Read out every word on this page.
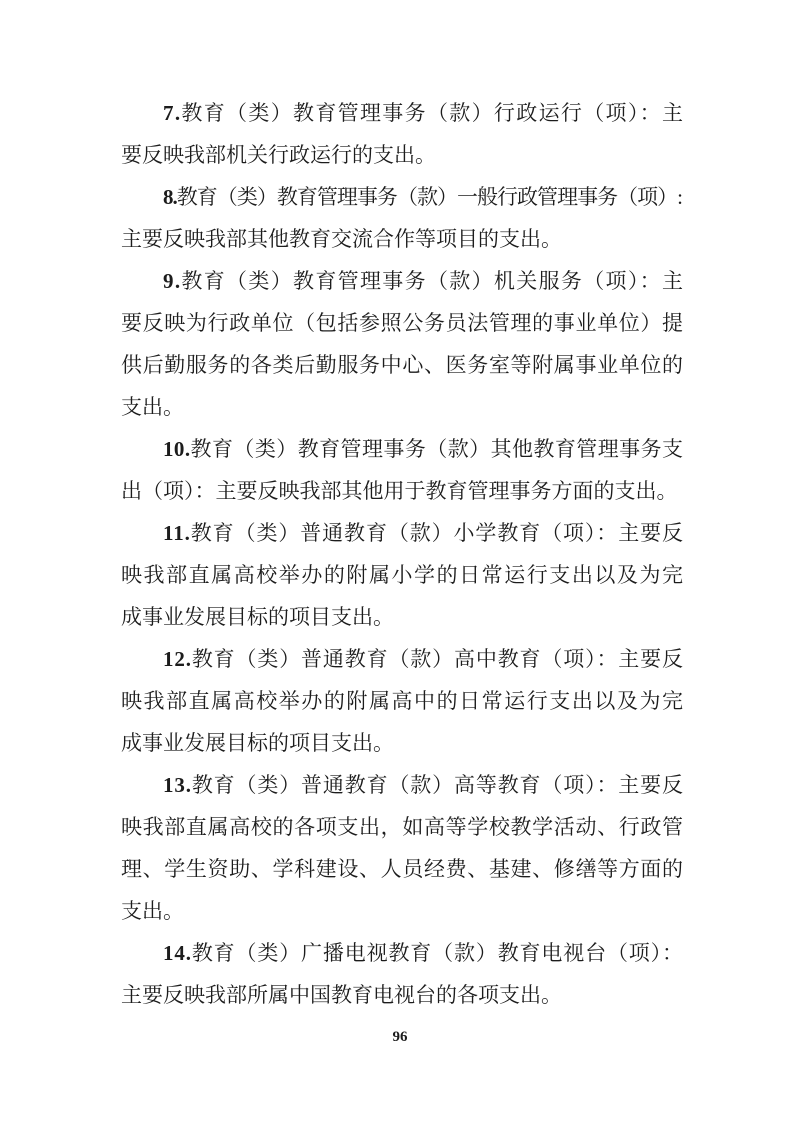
7.教育（类）教育管理事务（款）行政运行（项）：主
要反映我部机关行政运行的支出。
8.教育（类）教育管理事务（款）一般行政管理事务（项）:
主要反映我部其他教育交流合作等项目的支出。
9.教育（类）教育管理事务（款）机关服务（项）：主
要反映为行政单位（包括参照公务员法管理的事业单位）提
供后勤服务的各类后勤服务中心、医务室等附属事业单位的
支出。
10.教育（类）教育管理事务（款）其他教育管理事务支
出（项）：主要反映我部其他用于教育管理事务方面的支出。
11.教育（类）普通教育（款）小学教育（项）：主要反
映我部直属高校举办的附属小学的日常运行支出以及为完
成事业发展目标的项目支出。
12.教育（类）普通教育（款）高中教育（项）：主要反
映我部直属高校举办的附属高中的日常运行支出以及为完
成事业发展目标的项目支出。
13.教育（类）普通教育（款）高等教育（项）：主要反
映我部直属高校的各项支出，如高等学校教学活动、行政管
理、学生资助、学科建设、人员经费、基建、修缮等方面的
支出。
14.教育（类）广播电视教育（款）教育电视台（项）：
主要反映我部所属中国教育电视台的各项支出。
96
